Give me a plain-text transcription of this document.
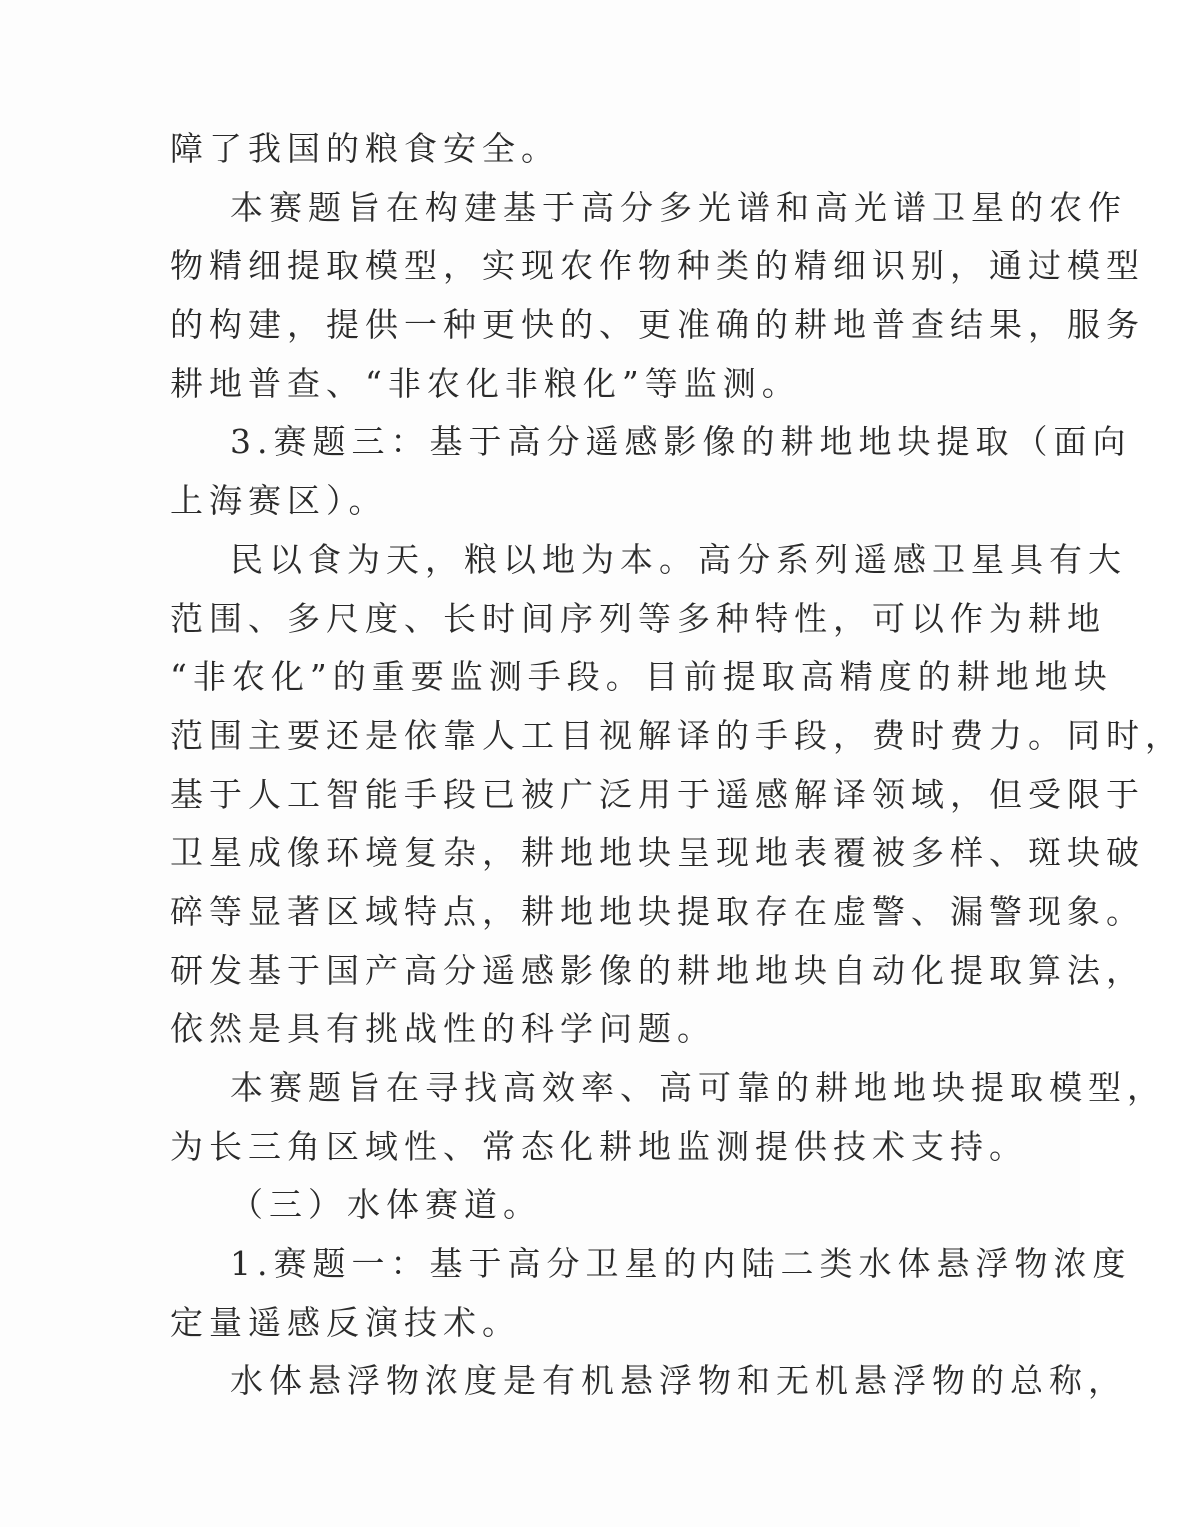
障了我国的粮食安全。
本赛题旨在构建基于高分多光谱和高光谱卫星的农作
物精细提取模型，实现农作物种类的精细识别，通过模型
的构建，提供一种更快的、更准确的耕地普查结果，服务
耕地普查、“非农化非粮化”等监测。
3.赛题三：基于高分遥感影像的耕地地块提取（面向
上海赛区）。
民以食为天，粮以地为本。高分系列遥感卫星具有大
范围、多尺度、长时间序列等多种特性，可以作为耕地
“非农化”的重要监测手段。目前提取高精度的耕地地块
范围主要还是依靠人工目视解译的手段，费时费力。同时，
基于人工智能手段已被广泛用于遥感解译领域，但受限于
卫星成像环境复杂，耕地地块呈现地表覆被多样、斑块破
碎等显著区域特点，耕地地块提取存在虚警、漏警现象。
研发基于国产高分遥感影像的耕地地块自动化提取算法，
依然是具有挑战性的科学问题。
本赛题旨在寻找高效率、高可靠的耕地地块提取模型，
为长三角区域性、常态化耕地监测提供技术支持。
（三）水体赛道。
1.赛题一：基于高分卫星的内陆二类水体悬浮物浓度
定量遥感反演技术。
水体悬浮物浓度是有机悬浮物和无机悬浮物的总称，
